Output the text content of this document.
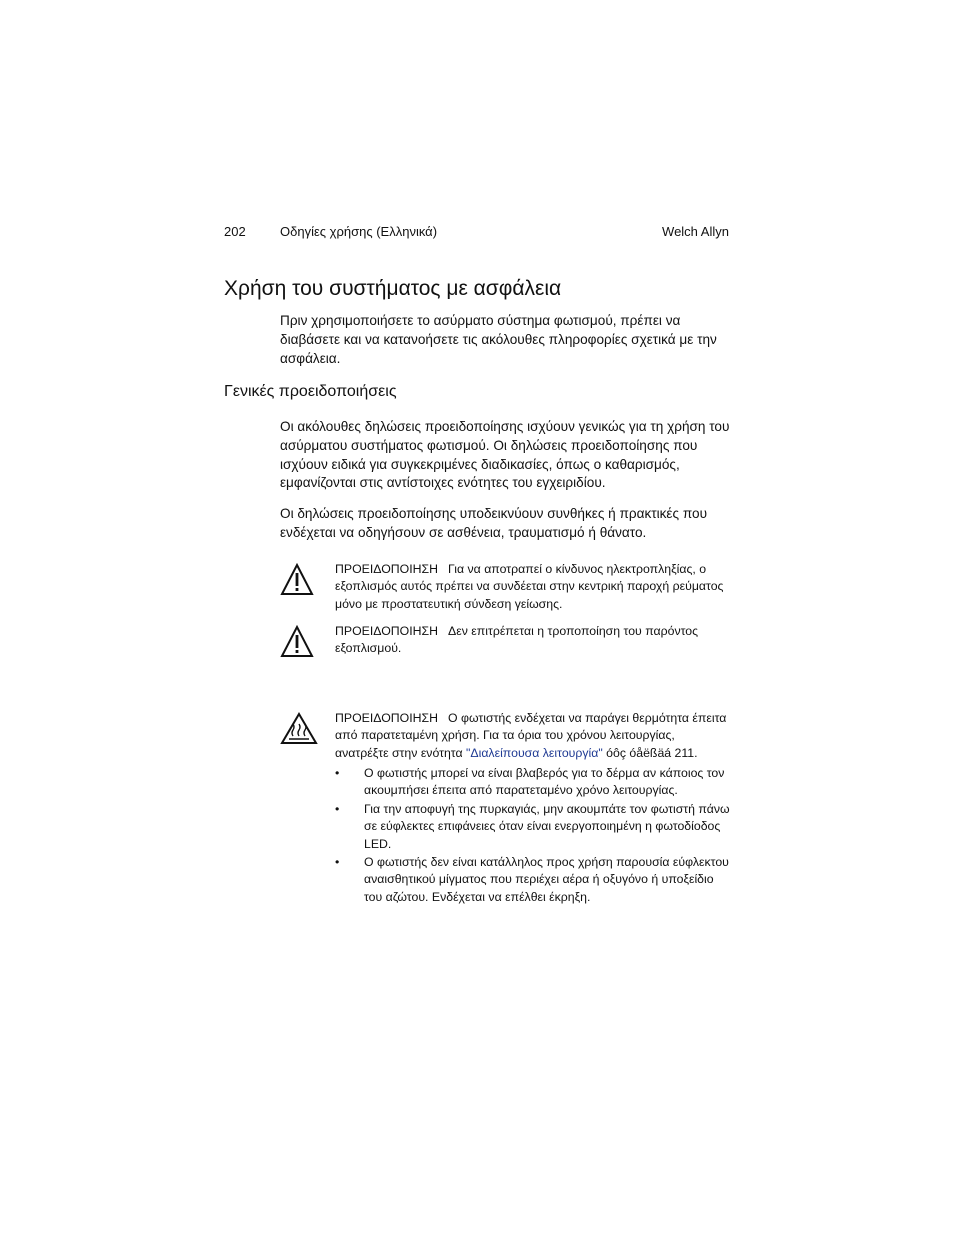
202	Οδηγίες χρήσης (Ελληνικά)	Welch Allyn
Χρήση του συστήματος με ασφάλεια

Πριν χρησιμοποιήσετε το ασύρματο σύστημα φωτισμού, πρέπει να διαβάσετε και να κατανοήσετε τις ακόλουθες πληροφορίες σχετικά με την ασφάλεια.

Γενικές προειδοποιήσεις

Οι ακόλουθες δηλώσεις προειδοποίησης ισχύουν γενικώς για τη χρήση του ασύρματου συστήματος φωτισμού. Οι δηλώσεις προειδοποίησης που ισχύουν ειδικά για συγκεκριμένες διαδικασίες, όπως ο καθαρισμός, εμφανίζονται στις αντίστοιχες ενότητες του εγχειριδίου.

Οι δηλώσεις προειδοποίησης υποδεικνύουν συνθήκες ή πρακτικές που ενδέχεται να οδηγήσουν σε ασθένεια, τραυματισμό ή θάνατο.

ΠΡΟΕΙΔΟΠΟΙΗΣΗ Για να αποτραπεί ο κίνδυνος ηλεκτροπληξίας, ο εξοπλισμός αυτός πρέπει να συνδέεται στην κεντρική παροχή ρεύματος μόνο με προστατευτική σύνδεση γείωσης.

ΠΡΟΕΙΔΟΠΟΙΗΣΗ Δεν επιτρέπεται η τροποποίηση του παρόντος εξοπλισμού.

ΠΡΟΕΙΔΟΠΟΙΗΣΗ Ο φωτιστής ενδέχεται να παράγει θερμότητα έπειτα από παρατεταμένη χρήση. Για τα όρια του χρόνου λειτουργίας, ανατρέξτε στην ενότητα "Διαλείπουσα λειτουργία" óôç óåëßäá 211.

• Ο φωτιστής μπορεί να είναι βλαβερός για το δέρμα αν κάποιος τον ακουμπήσει έπειτα από παρατεταμένο χρόνο λειτουργίας.
• Για την αποφυγή της πυρκαγιάς, μην ακουμπάτε τον φωτιστή πάνω σε εύφλεκτες επιφάνειες όταν είναι ενεργοποιημένη η φωτοδίοδος LED.
• Ο φωτιστής δεν είναι κατάλληλος προς χρήση παρουσία εύφλεκτου αναισθητικού μίγματος που περιέχει αέρα ή οξυγόνο ή υποξείδιο του αζώτου. Ενδέχεται να επέλθει έκρηξη.
